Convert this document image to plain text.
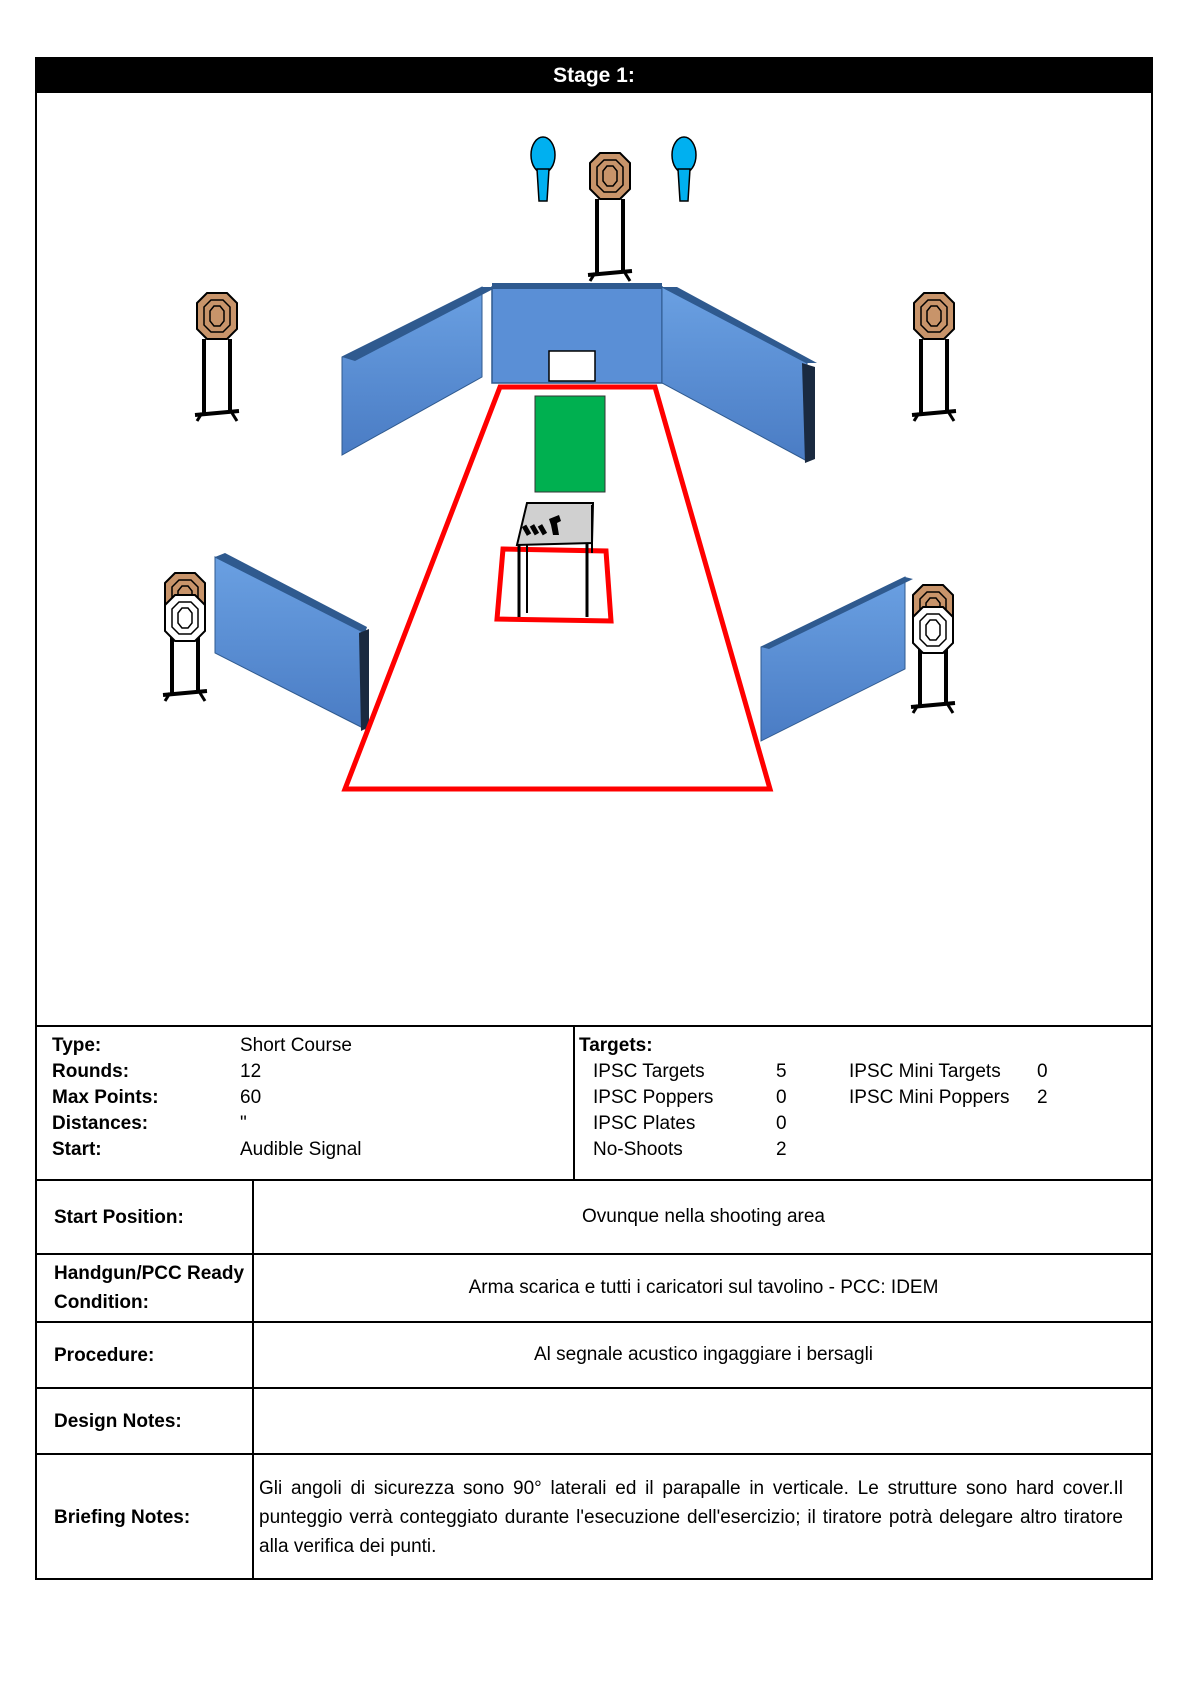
Stage 1:
Type:	Short Course
Rounds:	12
Max Points:	60
Distances:	"
Start:	Audible Signal
Targets:
IPSC Targets	5
IPSC Poppers	0
IPSC Plates	0
No-Shoots	2
IPSC Mini Targets 0
IPSC Mini Poppers 2
Start Position:	Ovunque nella shooting area
Handgun/PCC Ready Condition:
Arma scarica e tutti i caricatori sul tavolino - PCC: IDEM
Procedure:	Al segnale acustico ingaggiare i bersagli
Design Notes:
Briefing Notes:
Gli angoli di sicurezza sono 90° laterali ed il parapalle in verticale. Le strutture sono hard cover.Il punteggio verrà conteggiato durante l'esecuzione dell'esercizio; il tiratore potrà delegare altro tiratore alla verifica dei punti.
